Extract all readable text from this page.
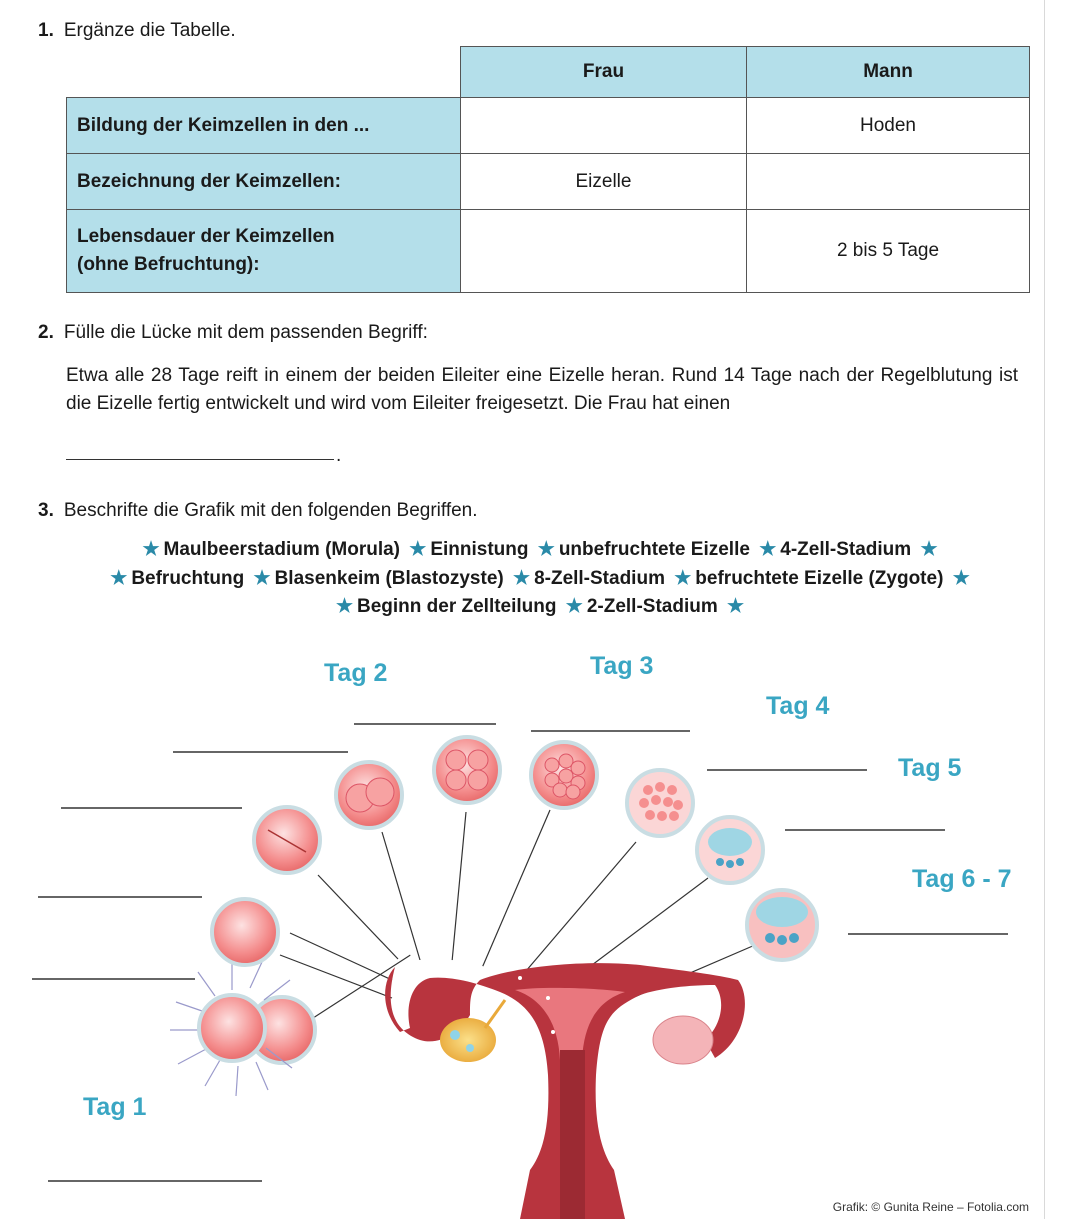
1. Ergänze die Tabelle.
	Frau	Mann
Bildung der Keimzellen in den ...		Hoden
Bezeichnung der Keimzellen:	Eizelle	
Lebensdauer der Keimzellen
(ohne Befruchtung):		2 bis 5 Tage
2. Fülle die Lücke mit dem passenden Begriff:
Etwa alle 28 Tage reift in einem der beiden Eileiter eine Eizelle heran. Rund 14 Tage nach der Regelblutung ist die Eizelle fertig entwickelt und wird vom Eileiter freigesetzt. Die Frau hat einen
.
3. Beschrifte die Grafik mit den folgenden Begriffen.
★ Maulbeerstadium (Morula) ★ Einnistung ★ unbefruchtete Eizelle ★ 4-Zell-Stadium ★
★ Befruchtung ★ Blasenkeim (Blastozyste) ★ 8-Zell-Stadium ★ befruchtete Eizelle (Zygote) ★
★ Beginn der Zellteilung ★ 2-Zell-Stadium ★
Tag 2	Tag 3
Tag 4
Tag 5
Tag 6 - 7
Tag 1
Grafik: © Gunita Reine – Fotolia.com
